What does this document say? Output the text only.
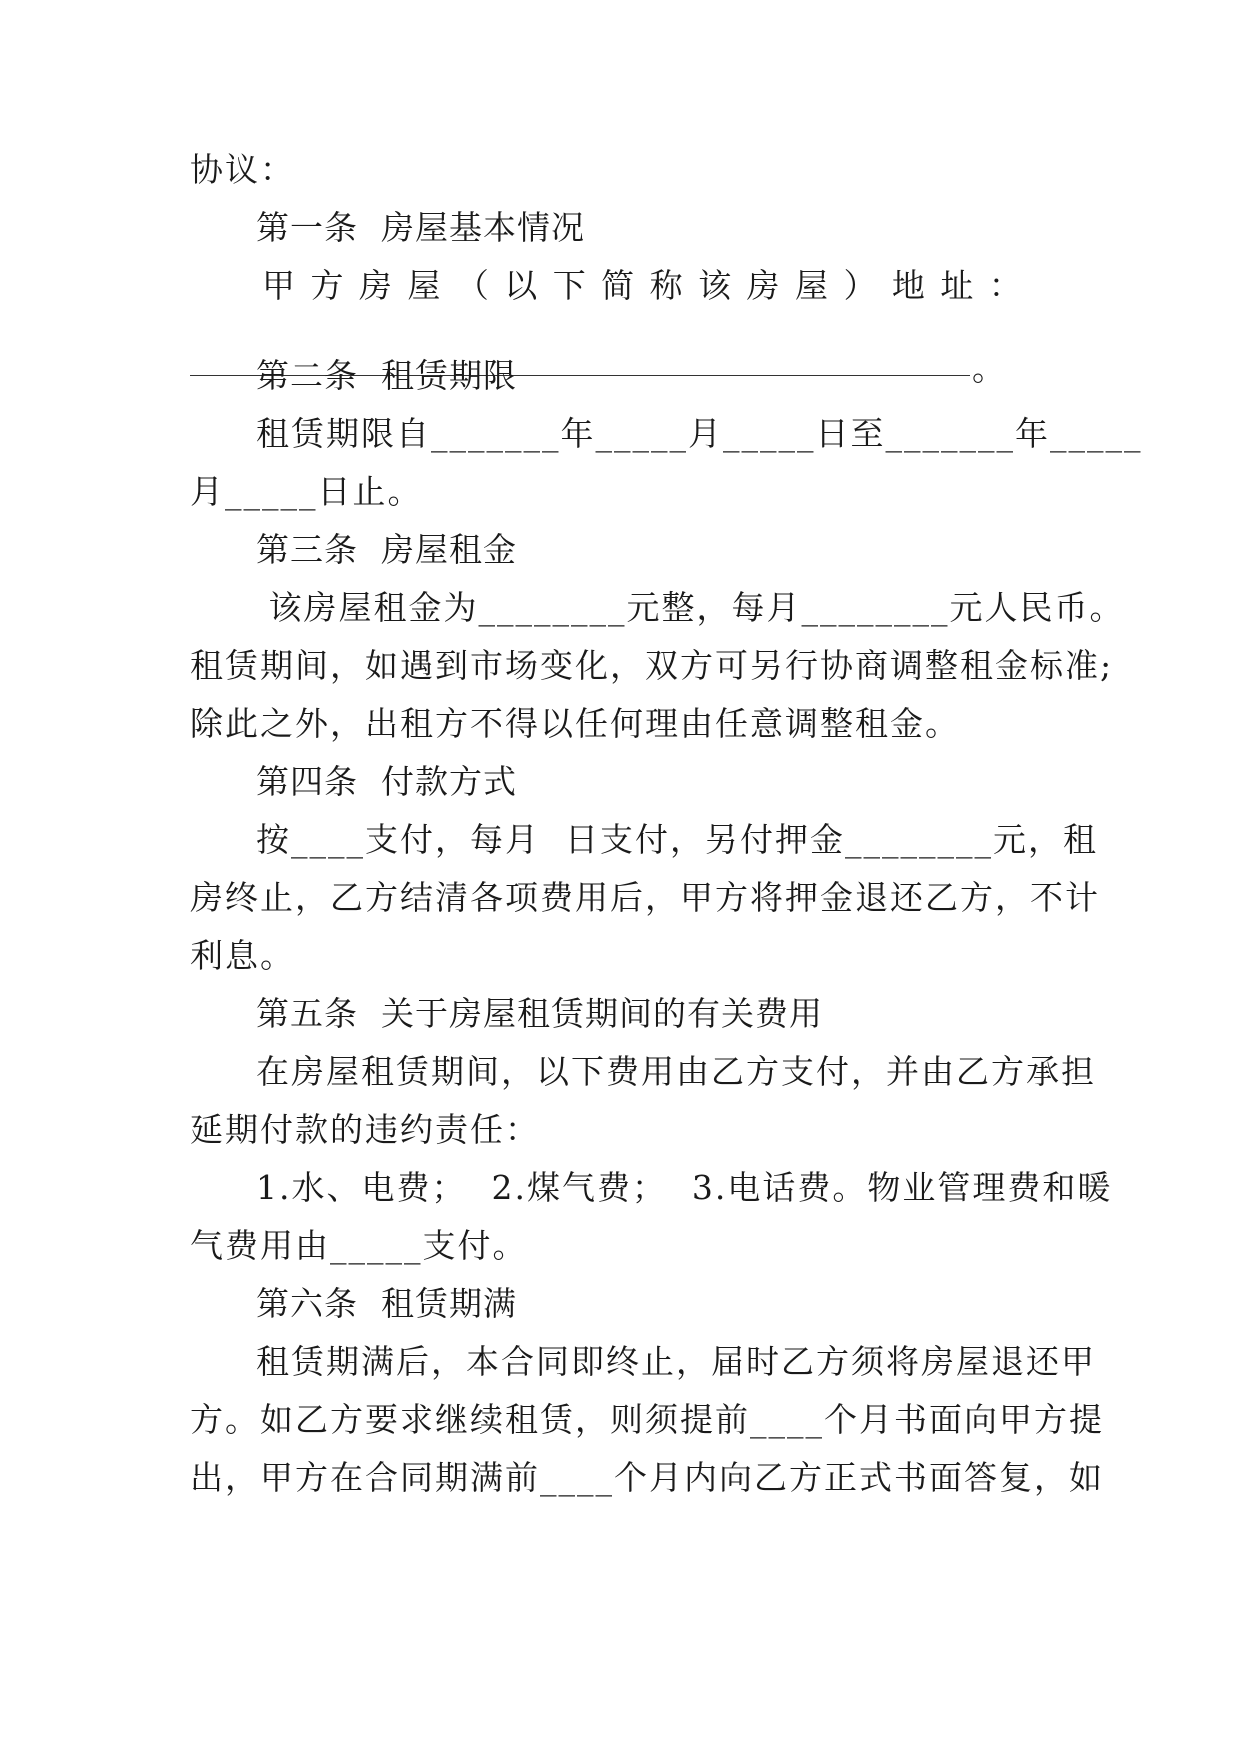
协议：
第一条  房屋基本情况
甲 方 房 屋 （ 以 下 简 称 该 房 屋 ） 地 址 ：
。
第二条  租赁期限
租赁期限自_______年_____月_____日至_______年_____
月_____日止。
第三条  房屋租金
该房屋租金为________元整，每月________元人民币。
租赁期间，如遇到市场变化，双方可另行协商调整租金标准;
除此之外，出租方不得以任何理由任意调整租金。
第四条  付款方式
按____支付，每月  日支付，另付押金________元，租
房终止，乙方结清各项费用后，甲方将押金退还乙方，不计
利息。
第五条  关于房屋租赁期间的有关费用
在房屋租赁期间，以下费用由乙方支付，并由乙方承担
延期付款的违约责任：
1.水、电费；  2.煤气费；  3.电话费。物业管理费和暖
气费用由_____支付。
第六条  租赁期满
租赁期满后，本合同即终止，届时乙方须将房屋退还甲
方。如乙方要求继续租赁，则须提前____个月书面向甲方提
出，甲方在合同期满前____个月内向乙方正式书面答复，如
